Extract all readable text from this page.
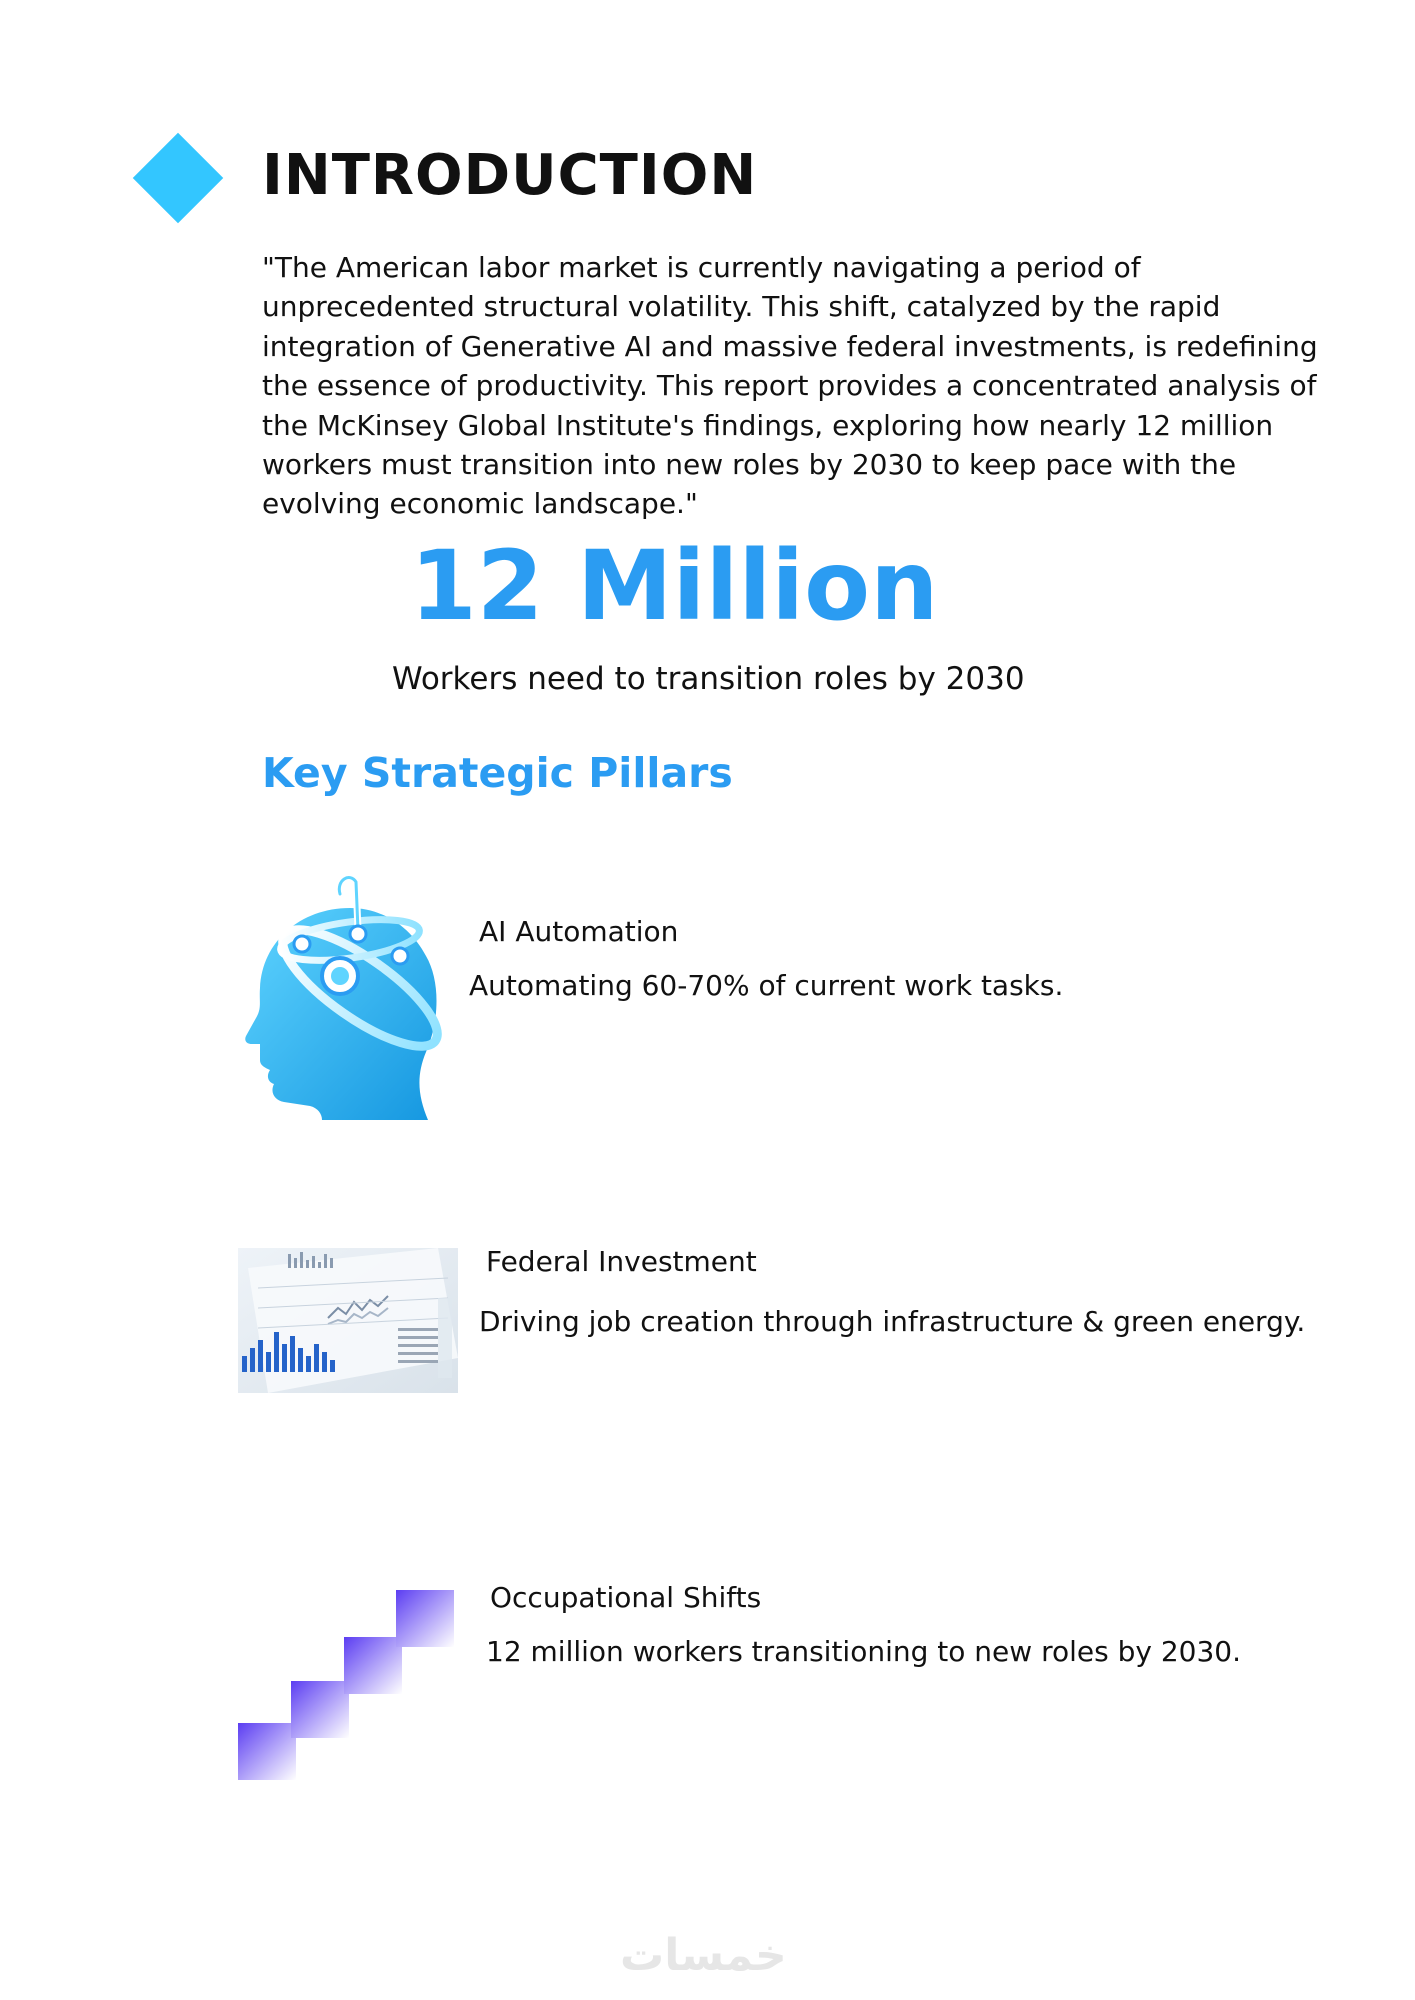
INTRODUCTION

"The American labor market is currently navigating a period of unprecedented structural volatility. This shift, catalyzed by the rapid integration of Generative AI and massive federal investments, is redefining the essence of productivity. This report provides a concentrated analysis of the McKinsey Global Institute's findings, exploring how nearly 12 million workers must transition into new roles by 2030 to keep pace with the evolving economic landscape."

12 Million
Workers need to transition roles by 2030
Key Strategic Pillars
AI Automation
Automating 60-70% of current work tasks.
Federal Investment
Driving job creation through infrastructure & green energy.
Occupational Shifts
12 million workers transitioning to new roles by 2030.
خمسات
